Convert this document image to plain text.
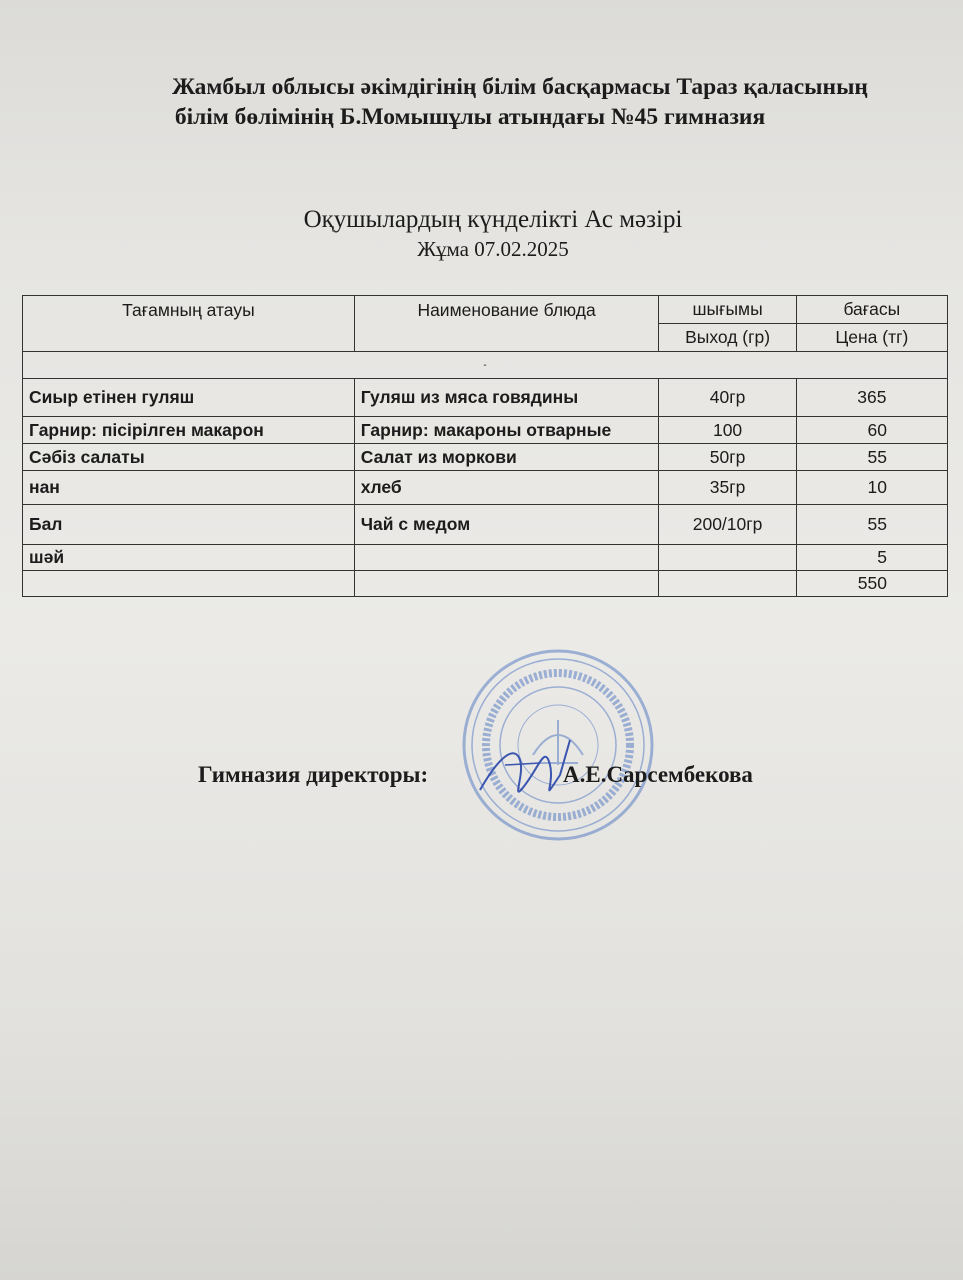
Жамбыл облысы әкімдігінің білім басқармасы Тараз қаласының
білім бөлімінің Б.Момышұлы атындағы №45 гимназия
Оқушылардың күнделікті Ас мәзірі
Жұма 07.02.2025
Тағамның атауы	Наименование блюда	шығымы	бағасы
		Выход (гр)	Цена (тг)
-			
Сиыр етінен гуляш	Гуляш из мяса говядины	40гр	365
Гарнир: пісірілген макарон	Гарнир: макароны отварные	100	60
Сәбіз салаты	Салат из моркови	50гр	55
нан	хлеб	35гр	10
Бал	Чай с медом	200/10гр	55
шәй			5
			550
Гимназия директоры:	А.Е.Сарсембекова
